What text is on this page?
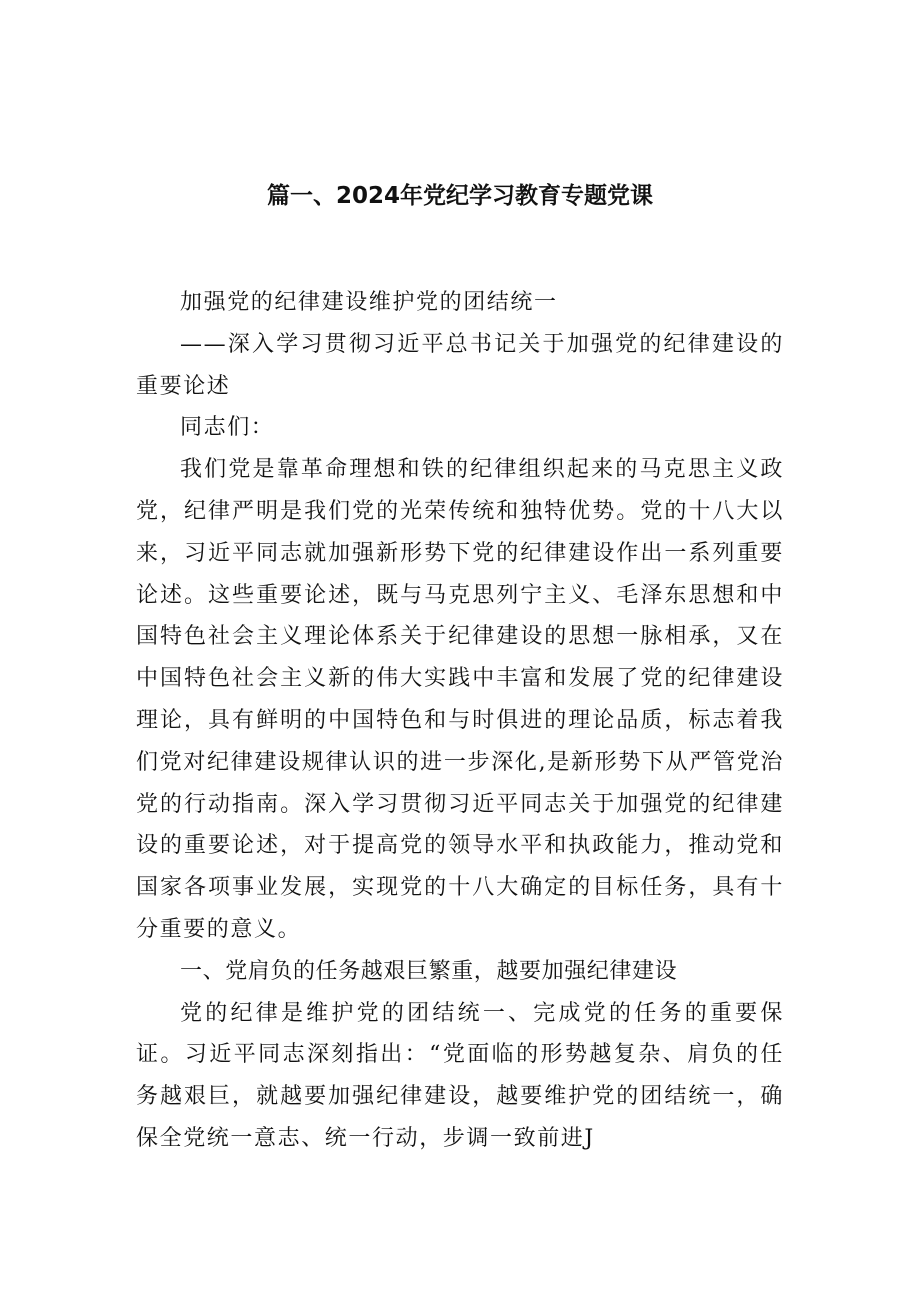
篇一、2024年党纪学习教育专题党课

加强党的纪律建设维护党的团结统一

——深入学习贯彻习近平总书记关于加强党的纪律建设的重要论述

同志们：

我们党是靠革命理想和铁的纪律组织起来的马克思主义政党，纪律严明是我们党的光荣传统和独特优势。党的十八大以来，习近平同志就加强新形势下党的纪律建设作出一系列重要论述。这些重要论述，既与马克思列宁主义、毛泽东思想和中国特色社会主义理论体系关于纪律建设的思想一脉相承，又在中国特色社会主义新的伟大实践中丰富和发展了党的纪律建设理论，具有鲜明的中国特色和与时俱进的理论品质，标志着我们党对纪律建设规律认识的进一步深化,是新形势下从严管党治党的行动指南。深入学习贯彻习近平同志关于加强党的纪律建设的重要论述，对于提高党的领导水平和执政能力，推动党和国家各项事业发展，实现党的十八大确定的目标任务，具有十分重要的意义。

一、党肩负的任务越艰巨繁重，越要加强纪律建设

党的纪律是维护党的团结统一、完成党的任务的重要保证。习近平同志深刻指出：“党面临的形势越复杂、肩负的任务越艰巨，就越要加强纪律建设，越要维护党的团结统一，确保全党统一意志、统一行动，步调一致前进J
